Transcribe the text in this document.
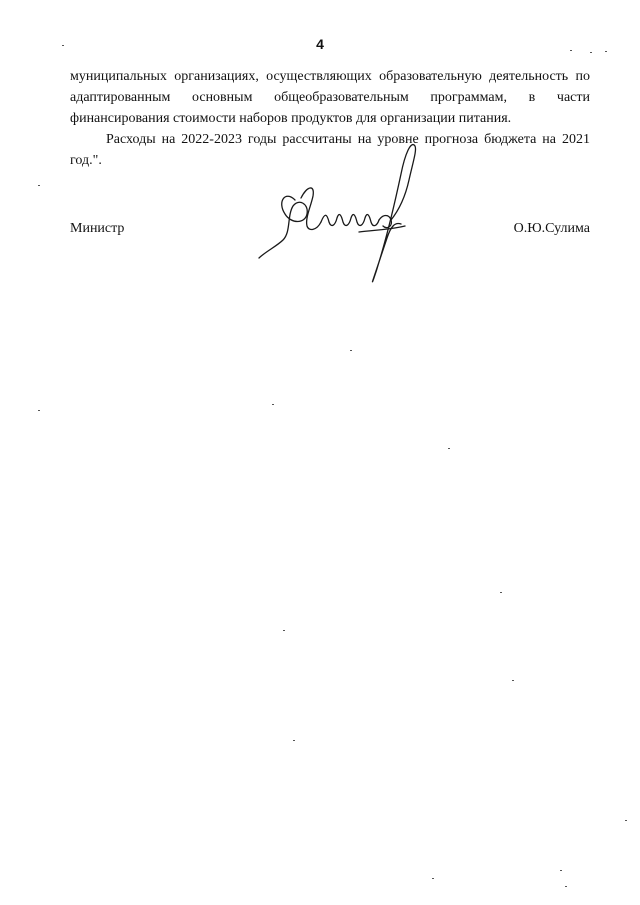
4

муниципальных организациях, осуществляющих образовательную деятельность по адаптированным основным общеобразовательным программам, в части финансирования стоимости наборов продуктов для организации питания.

Расходы на 2022-2023 годы рассчитаны на уровне прогноза бюджета на 2021 год.".

Министр	О.Ю.Сулима
